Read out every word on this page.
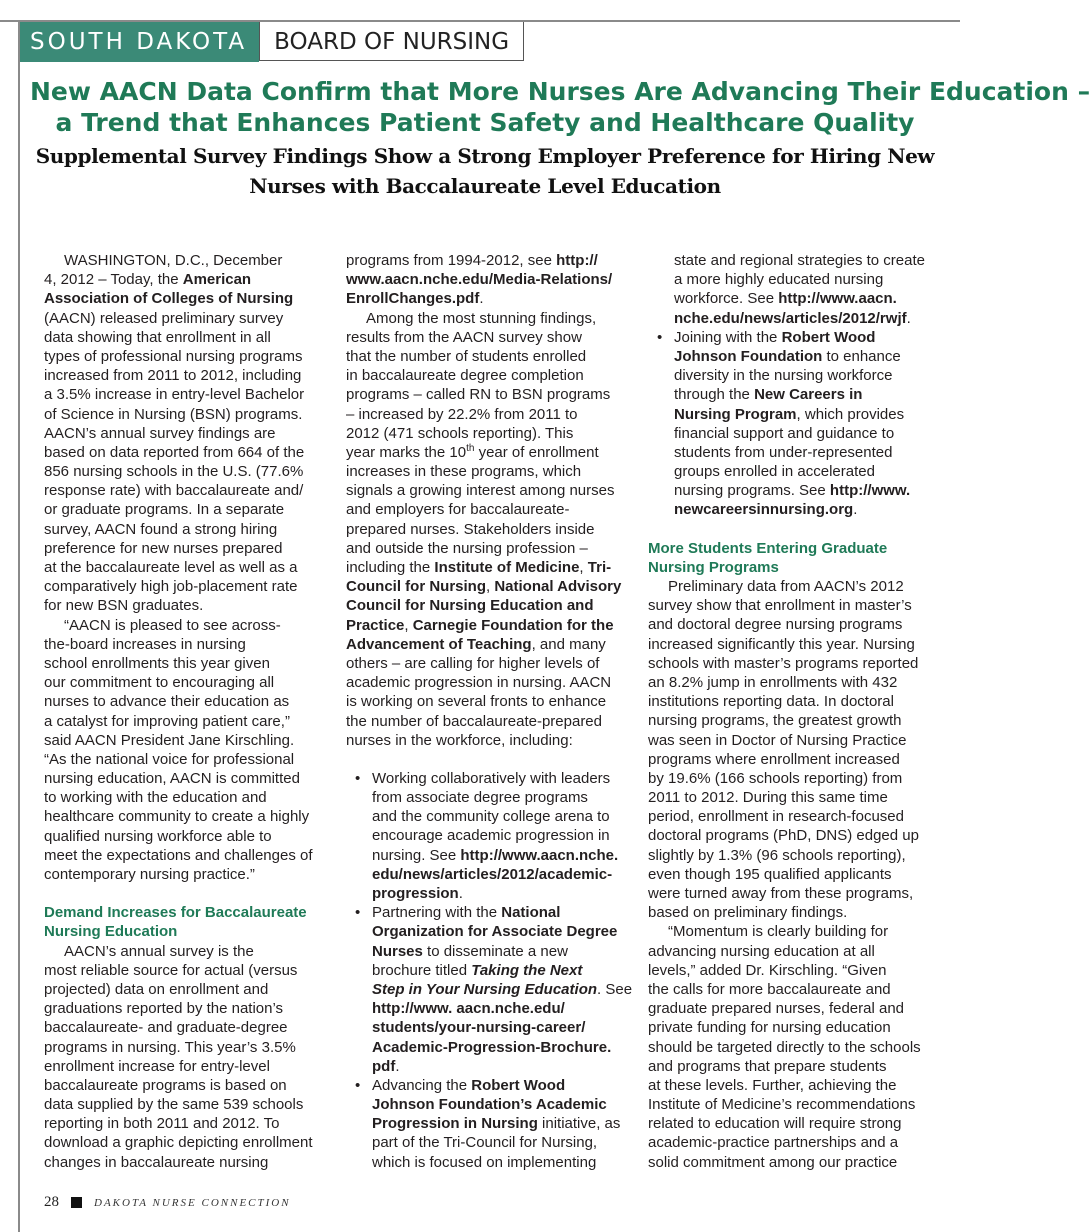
SOUTH DAKOTA	BOARD OF NURSING
New AACN Data Confirm that More Nurses Are Advancing Their Education –
a Trend that Enhances Patient Safety and Healthcare Quality
Supplemental Survey Findings Show a Strong Employer Preference for Hiring New
Nurses with Baccalaureate Level Education
WASHINGTON, D.C., December
4, 2012 – Today, the American
Association of Colleges of Nursing
(AACN) released preliminary survey
data showing that enrollment in all
types of professional nursing programs
increased from 2011 to 2012, including
a 3.5% increase in entry-level Bachelor
of Science in Nursing (BSN) programs.
AACN’s annual survey findings are
based on data reported from 664 of the
856 nursing schools in the U.S. (77.6%
response rate) with baccalaureate and/
or graduate programs. In a separate
survey, AACN found a strong hiring
preference for new nurses prepared
at the baccalaureate level as well as a
comparatively high job-placement rate
for new BSN graduates.
“AACN is pleased to see across-
the-board increases in nursing
school enrollments this year given
our commitment to encouraging all
nurses to advance their education as
a catalyst for improving patient care,”
said AACN President Jane Kirschling.
“As the national voice for professional
nursing education, AACN is committed
to working with the education and
healthcare community to create a highly
qualified nursing workforce able to
meet the expectations and challenges of
contemporary nursing practice.”
Demand Increases for Baccalaureate
Nursing Education
AACN’s annual survey is the
most reliable source for actual (versus
projected) data on enrollment and
graduations reported by the nation’s
baccalaureate- and graduate-degree
programs in nursing. This year’s 3.5%
enrollment increase for entry-level
baccalaureate programs is based on
data supplied by the same 539 schools
reporting in both 2011 and 2012. To
download a graphic depicting enrollment
changes in baccalaureate nursing
programs from 1994-2012, see http://
www.aacn.nche.edu/Media-Relations/
EnrollChanges.pdf.
Among the most stunning findings,
results from the AACN survey show
that the number of students enrolled
in baccalaureate degree completion
programs – called RN to BSN programs
– increased by 22.2% from 2011 to
2012 (471 schools reporting). This
year marks the 10th year of enrollment
increases in these programs, which
signals a growing interest among nurses
and employers for baccalaureate-
prepared nurses. Stakeholders inside
and outside the nursing profession –
including the Institute of Medicine, Tri-
Council for Nursing, National Advisory
Council for Nursing Education and
Practice, Carnegie Foundation for the
Advancement of Teaching, and many
others – are calling for higher levels of
academic progression in nursing. AACN
is working on several fronts to enhance
the number of baccalaureate-prepared
nurses in the workforce, including:
• Working collaboratively with leaders
from associate degree programs
and the community college arena to
encourage academic progression in
nursing. See http://www.aacn.nche.
edu/news/articles/2012/academic-
progression.
• Partnering with the National
Organization for Associate Degree
Nurses to disseminate a new
brochure titled Taking the Next
Step in Your Nursing Education. See
http://www. aacn.nche.edu/
students/your-nursing-career/
Academic-Progression-Brochure.
pdf.
• Advancing the Robert Wood
Johnson Foundation’s Academic
Progression in Nursing initiative, as
part of the Tri-Council for Nursing,
which is focused on implementing
state and regional strategies to create
a more highly educated nursing
workforce. See http://www.aacn.
nche.edu/news/articles/2012/rwjf.
• Joining with the Robert Wood
Johnson Foundation to enhance
diversity in the nursing workforce
through the New Careers in
Nursing Program, which provides
financial support and guidance to
students from under-represented
groups enrolled in accelerated
nursing programs. See http://www.
newcareersinnursing.org.
More Students Entering Graduate
Nursing Programs
Preliminary data from AACN’s 2012
survey show that enrollment in master’s
and doctoral degree nursing programs
increased significantly this year. Nursing
schools with master’s programs reported
an 8.2% jump in enrollments with 432
institutions reporting data. In doctoral
nursing programs, the greatest growth
was seen in Doctor of Nursing Practice
programs where enrollment increased
by 19.6% (166 schools reporting) from
2011 to 2012. During this same time
period, enrollment in research-focused
doctoral programs (PhD, DNS) edged up
slightly by 1.3% (96 schools reporting),
even though 195 qualified applicants
were turned away from these programs,
based on preliminary findings.
“Momentum is clearly building for
advancing nursing education at all
levels,” added Dr. Kirschling. “Given
the calls for more baccalaureate and
graduate prepared nurses, federal and
private funding for nursing education
should be targeted directly to the schools
and programs that prepare students
at these levels. Further, achieving the
Institute of Medicine’s recommendations
related to education will require strong
academic-practice partnerships and a
solid commitment among our practice
28	DAKOTA NURSE CONNECTION
